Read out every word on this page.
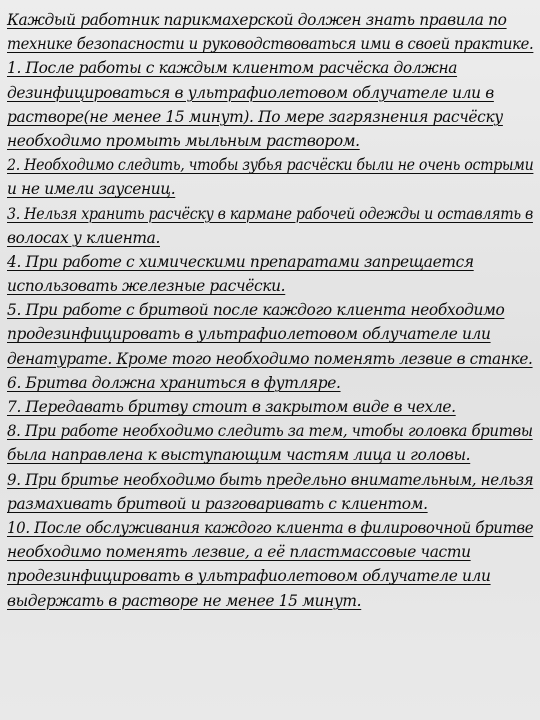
Каждый работник парикмахерской должен знать правила по
технике безопасности и руководствоваться ими в своей практике.
1. После работы с каждым клиентом расчёска должна
дезинфицироваться в ультрафиолетовом облучателе или в
растворе(не менее 15 минут). По мере загрязнения расчёску
необходимо промыть мыльным раствором.
2. Необходимо следить, чтобы зубья расчёски были не очень острыми
и не имели заусениц.
3. Нельзя хранить расчёску в кармане рабочей одежды и оставлять в
волосах у клиента.
4. При работе с химическими препаратами запрещается
использовать железные расчёски.
5. При работе с бритвой после каждого клиента необходимо
продезинфицировать в ультрафиолетовом облучателе или
денатурате. Кроме того необходимо поменять лезвие в станке.
6. Бритва должна храниться в футляре.
7. Передавать бритву стоит в закрытом виде в чехле.
8. При работе необходимо следить за тем, чтобы головка бритвы
была направлена к выступающим частям лица и головы.
9. При бритье необходимо быть предельно внимательным, нельзя
размахивать бритвой и разговаривать с клиентом.
10. После обслуживания каждого клиента в филировочной бритве
необходимо поменять лезвие, а её пластмассовые части
продезинфицировать в ультрафиолетовом облучателе или
выдержать в растворе не менее 15 минут.
